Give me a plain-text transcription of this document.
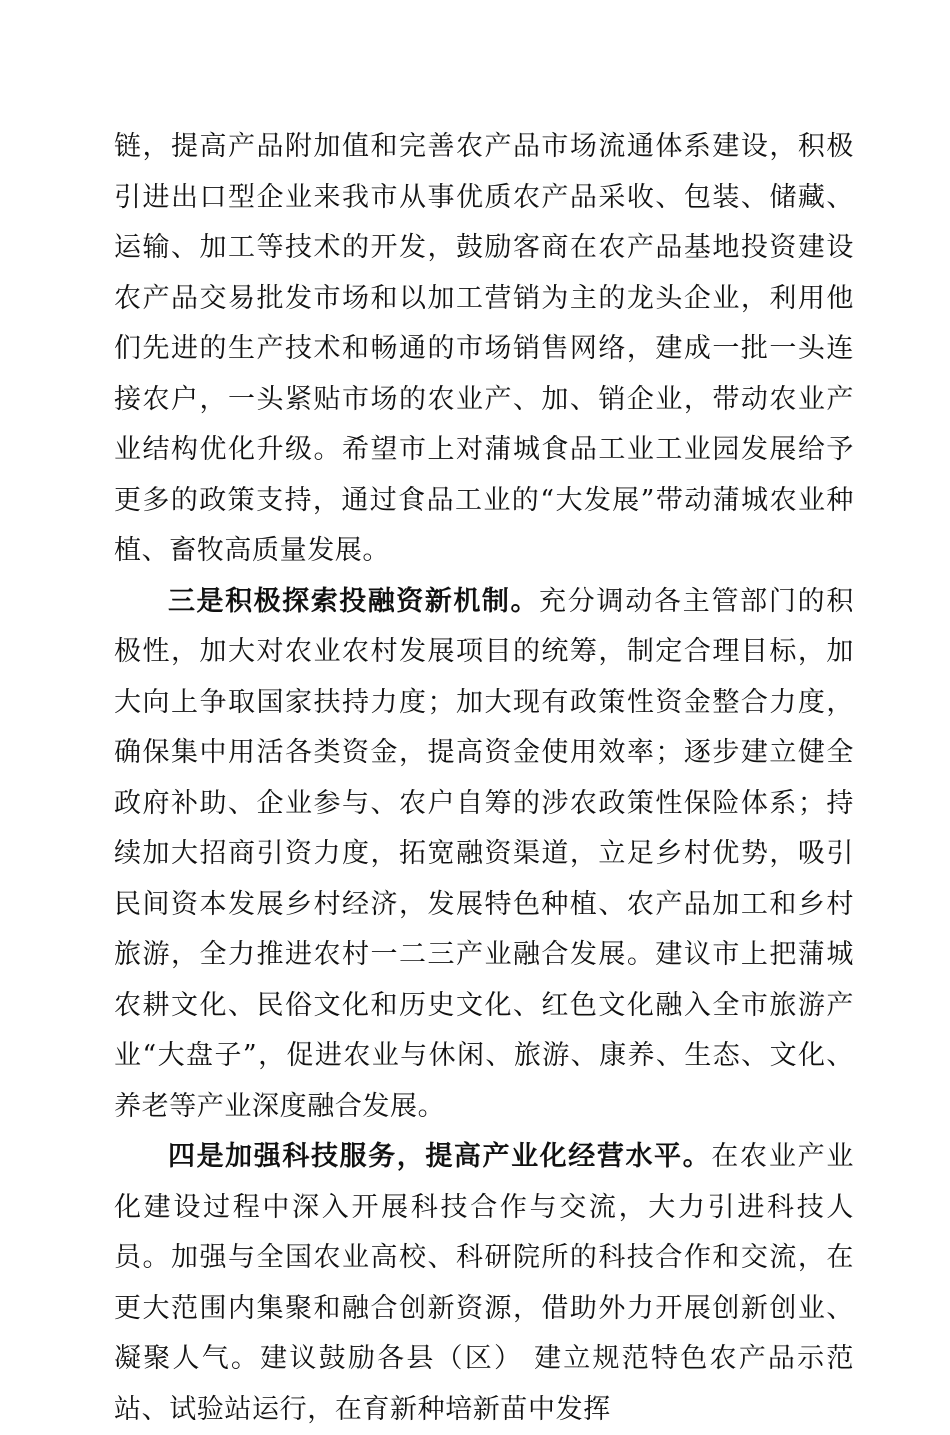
链，提高产品附加值和完善农产品市场流通体系建设，积极引进出口型企业来我市从事优质农产品采收、包装、储藏、运输、加工等技术的开发，鼓励客商在农产品基地投资建设农产品交易批发市场和以加工营销为主的龙头企业，利用他们先进的生产技术和畅通的市场销售网络，建成一批一头连接农户，一头紧贴市场的农业产、加、销企业，带动农业产业结构优化升级。希望市上对蒲城食品工业工业园发展给予更多的政策支持，通过食品工业的“大发展”带动蒲城农业种植、畜牧高质量发展。

三是积极探索投融资新机制。充分调动各主管部门的积极性，加大对农业农村发展项目的统筹，制定合理目标，加大向上争取国家扶持力度；加大现有政策性资金整合力度，确保集中用活各类资金，提高资金使用效率；逐步建立健全政府补助、企业参与、农户自筹的涉农政策性保险体系；持续加大招商引资力度，拓宽融资渠道，立足乡村优势，吸引民间资本发展乡村经济，发展特色种植、农产品加工和乡村旅游，全力推进农村一二三产业融合发展。建议市上把蒲城农耕文化、民俗文化和历史文化、红色文化融入全市旅游产业“大盘子”，促进农业与休闲、旅游、康养、生态、文化、养老等产业深度融合发展。

四是加强科技服务，提高产业化经营水平。在农业产业化建设过程中深入开展科技合作与交流，大力引进科技人员。加强与全国农业高校、科研院所的科技合作和交流，在更大范围内集聚和融合创新资源，借助外力开展创新创业、凝聚人气。建议鼓励各县（区） 建立规范特色农产品示范站、试验站运行，在育新种培新苗中发挥
